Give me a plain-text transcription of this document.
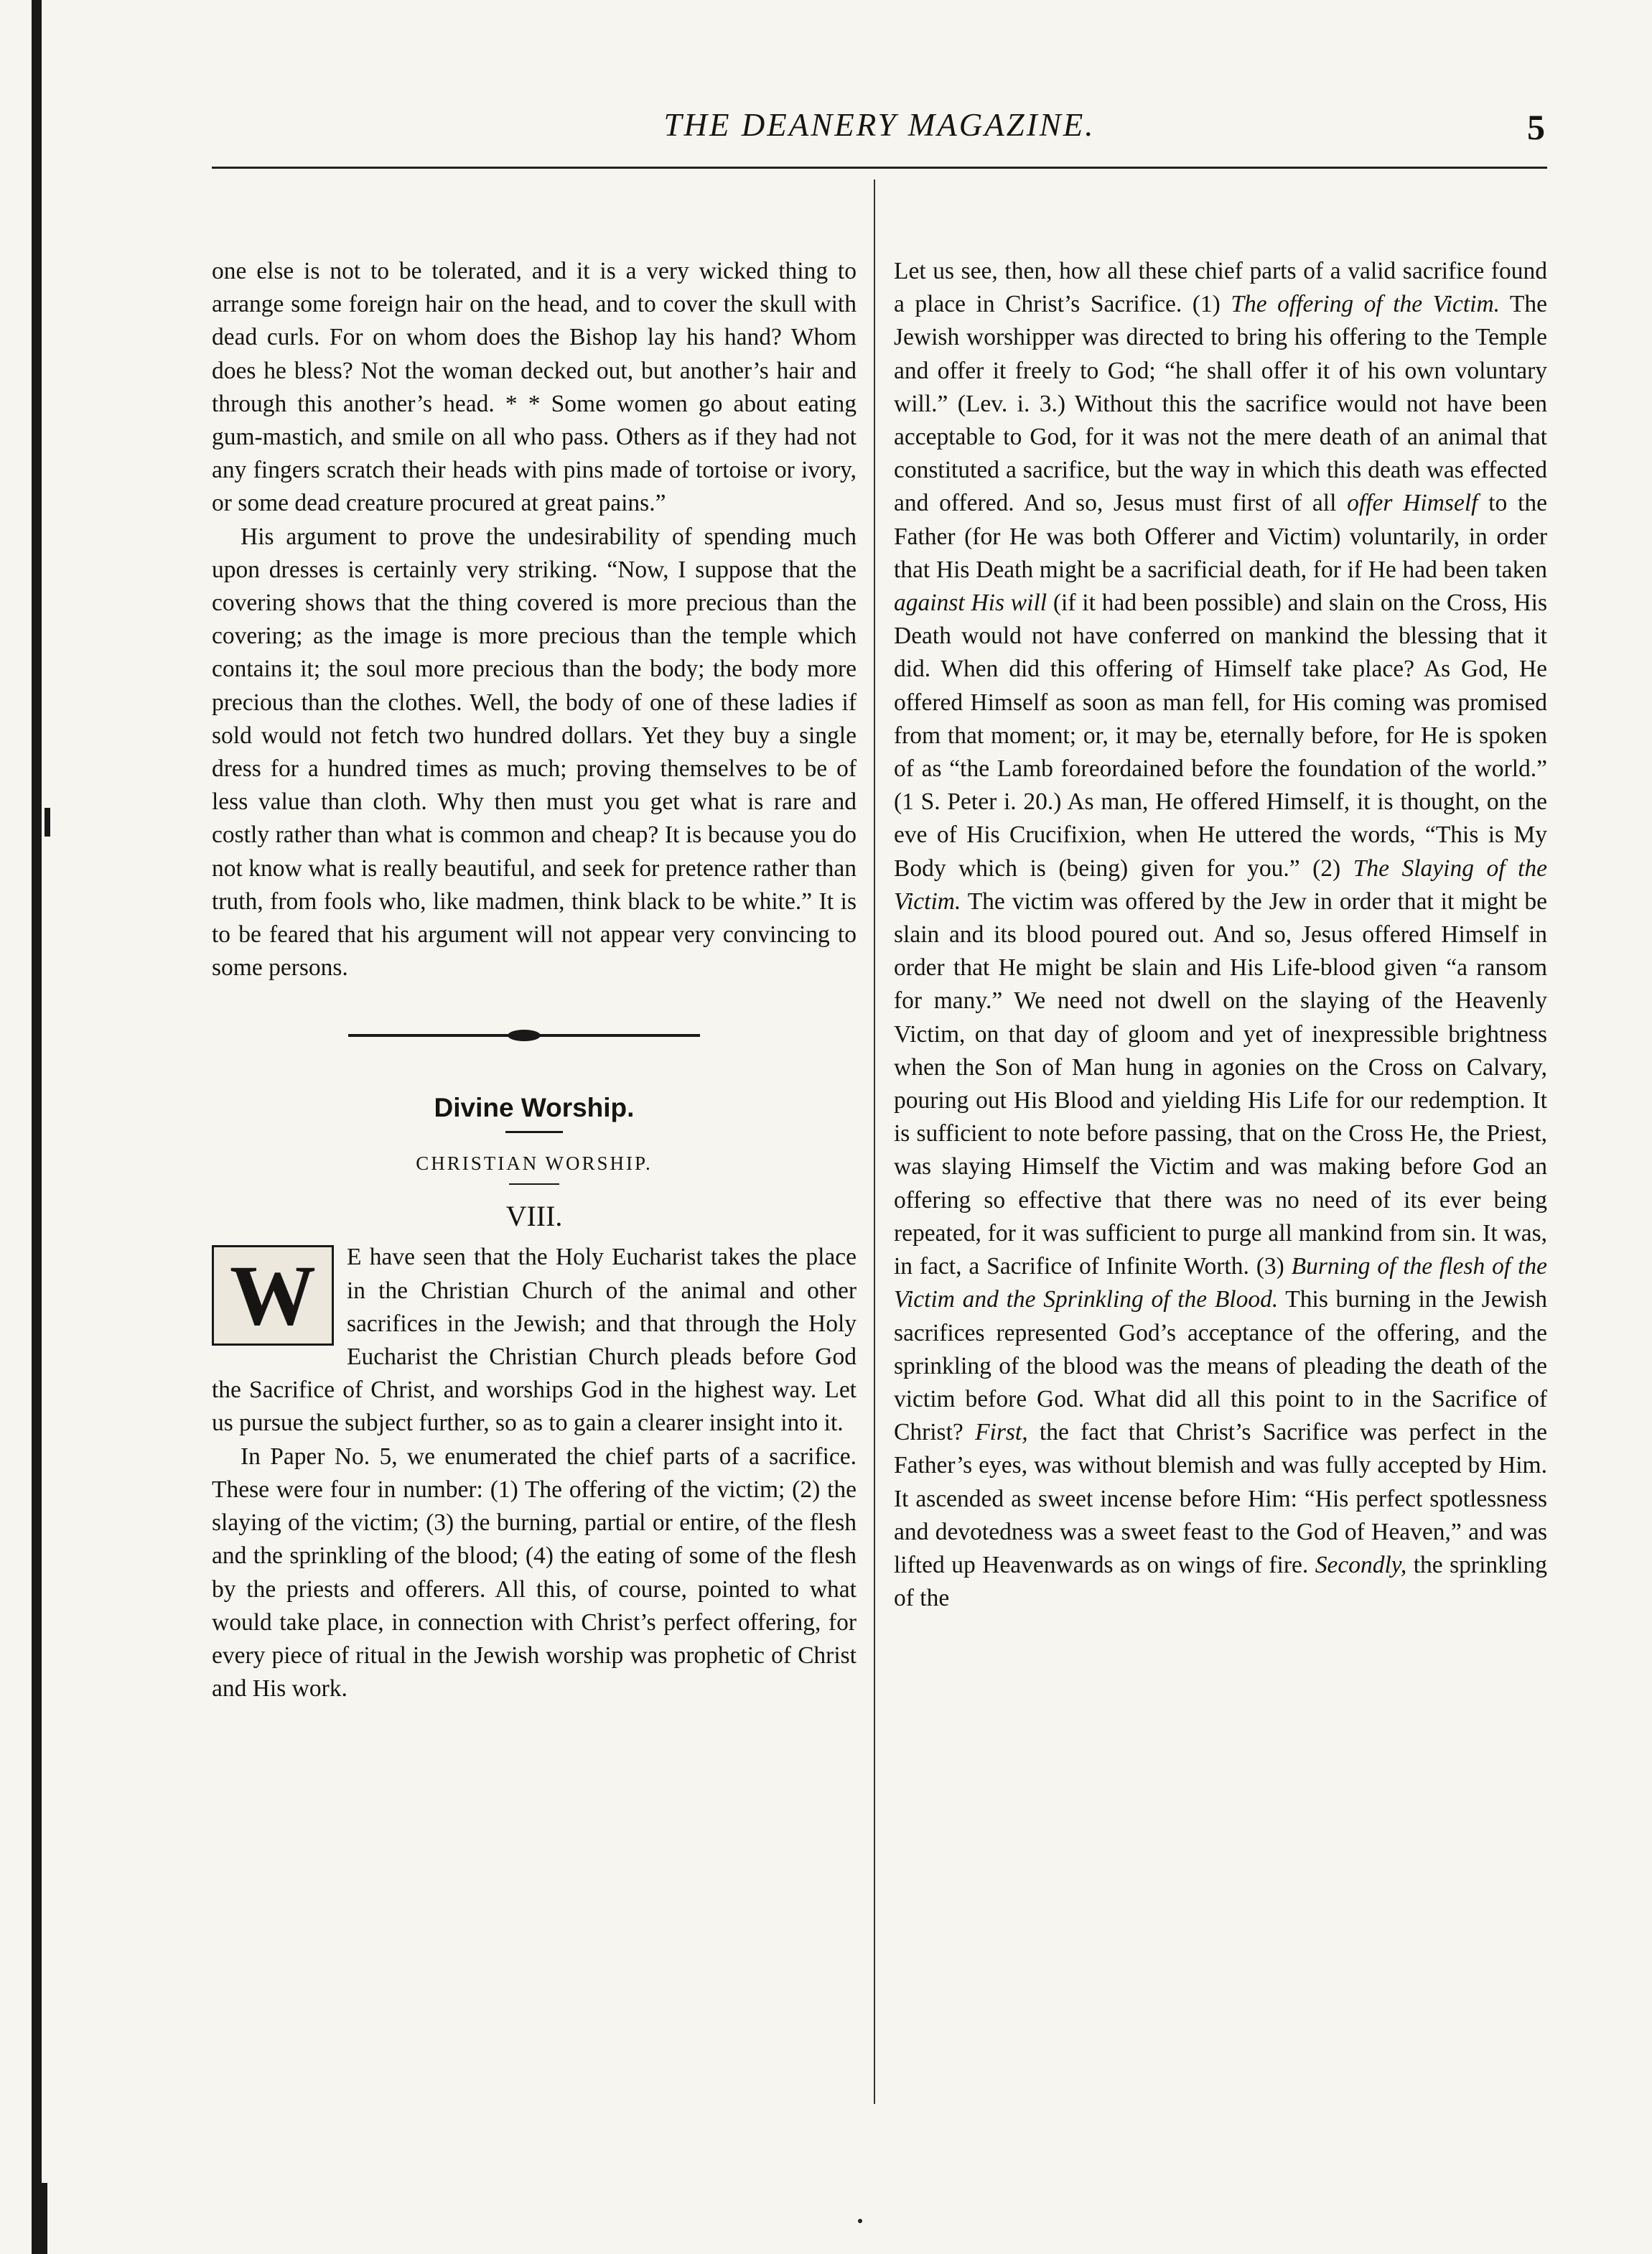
THE DEANERY MAGAZINE.	5

one else is not to be tolerated, and it is a very wicked thing to arrange some foreign hair on the head, and to cover the skull with dead curls. For on whom does the Bishop lay his hand? Whom does he bless? Not the woman decked out, but another’s hair and through this another’s head. * * Some women go about eating gum-mastich, and smile on all who pass. Others as if they had not any fingers scratch their heads with pins made of tortoise or ivory, or some dead creature procured at great pains.”

His argument to prove the undesirability of spending much upon dresses is certainly very striking. “Now, I suppose that the covering shows that the thing covered is more precious than the covering; as the image is more precious than the temple which contains it; the soul more precious than the body; the body more precious than the clothes. Well, the body of one of these ladies if sold would not fetch two hundred dollars. Yet they buy a single dress for a hundred times as much; proving themselves to be of less value than cloth. Why then must you get what is rare and costly rather than what is common and cheap? It is because you do not know what is really beautiful, and seek for pretence rather than truth, from fools who, like madmen, think black to be white.” It is to be feared that his argument will not appear very convincing to some persons.

Divine Worship.
CHRISTIAN WORSHIP.
VIII.

W	E have seen that the Holy Eucharist takes the place in the Christian Church of the animal and other sacrifices in the Jewish; and that through the Holy Eucharist the Christian Church pleads before God the Sacrifice of Christ, and worships God in the highest way. Let us pursue the subject further, so as to gain a clearer insight into it.

In Paper No. 5, we enumerated the chief parts of a sacrifice. These were four in number: (1) The offering of the victim; (2) the slaying of the victim; (3) the burning, partial or entire, of the flesh and the sprinkling of the blood; (4) the eating of some of the flesh by the priests and offerers. All this, of course, pointed to what would take place, in connection with Christ’s perfect offering, for every piece of ritual in the Jewish worship was prophetic of Christ and His work.

Let us see, then, how all these chief parts of a valid sacrifice found a place in Christ’s Sacrifice. (1) The offering of the Victim. The Jewish worshipper was directed to bring his offering to the Temple and offer it freely to God; “he shall offer it of his own voluntary will.” (Lev. i. 3.) Without this the sacrifice would not have been acceptable to God, for it was not the mere death of an animal that constituted a sacrifice, but the way in which this death was effected and offered. And so, Jesus must first of all offer Himself to the Father (for He was both Offerer and Victim) voluntarily, in order that His Death might be a sacrificial death, for if He had been taken against His will (if it had been possible) and slain on the Cross, His Death would not have conferred on mankind the blessing that it did. When did this offering of Himself take place? As God, He offered Himself as soon as man fell, for His coming was promised from that moment; or, it may be, eternally before, for He is spoken of as “the Lamb foreordained before the foundation of the world.” (1 S. Peter i. 20.) As man, He offered Himself, it is thought, on the eve of His Crucifixion, when He uttered the words, “This is My Body which is (being) given for you.” (2) The Slaying of the Victim. The victim was offered by the Jew in order that it might be slain and its blood poured out. And so, Jesus offered Himself in order that He might be slain and His Life-blood given “a ransom for many.” We need not dwell on the slaying of the Heavenly Victim, on that day of gloom and yet of inexpressible brightness when the Son of Man hung in agonies on the Cross on Calvary, pouring out His Blood and yielding His Life for our redemption. It is sufficient to note before passing, that on the Cross He, the Priest, was slaying Himself the Victim and was making before God an offering so effective that there was no need of its ever being repeated, for it was sufficient to purge all mankind from sin. It was, in fact, a Sacrifice of Infinite Worth. (3) Burning of the flesh of the Victim and the Sprinkling of the Blood. This burning in the Jewish sacrifices represented God’s acceptance of the offering, and the sprinkling of the blood was the means of pleading the death of the victim before God. What did all this point to in the Sacrifice of Christ? First, the fact that Christ’s Sacrifice was perfect in the Father’s eyes, was without blemish and was fully accepted by Him. It ascended as sweet incense before Him: “His perfect spotlessness and devotedness was a sweet feast to the God of Heaven,” and was lifted up Heavenwards as on wings of fire. Secondly, the sprinkling of the
